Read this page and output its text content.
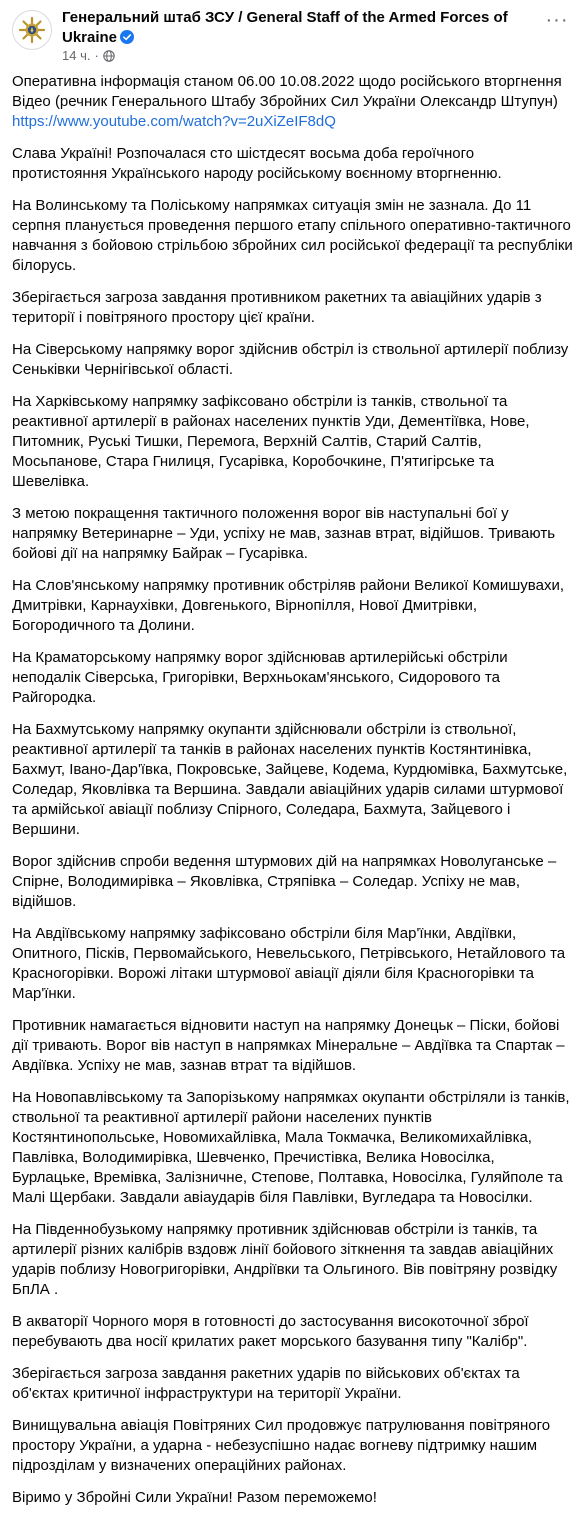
Генеральний штаб ЗСУ / General Staff of the Armed Forces of Ukraine
14 ч. ·
···

Оперативна інформація станом 06.00 10.08.2022 щодо російського вторгнення
Відео (речник Генерального Штабу Збройних Сил України Олександр Штупун)
https://www.youtube.com/watch?v=2uXiZeIF8dQ

Слава Україні! Розпочалася сто шістдесят восьма доба героїчного протистояння Українського народу російському воєнному вторгненню.

На Волинському та Поліському напрямках ситуація змін не зазнала. До 11 серпня планується проведення першого етапу спільного оперативно-тактичного навчання з бойовою стрільбою збройних сил російської федерації та республіки білорусь.

Зберігається загроза завдання противником ракетних та авіаційних ударів з території і повітряного простору цієї країни.

На Сіверському напрямку ворог здійснив обстріл із ствольної артилерії поблизу Сеньківки Чернігівської області.

На Харківському напрямку зафіксовано обстріли із танків, ствольної та реактивної артилерії в районах населених пунктів Уди, Дементіївка, Нове, Питомник, Руські Тишки, Перемога, Верхній Салтів, Старий Салтів, Мосьпанове, Стара Гнилиця, Гусарівка, Коробочкине, П'ятигірське та Шевелівка.

З метою покращення тактичного положення ворог вів наступальні бої у напрямку Ветеринарне – Уди, успіху не мав, зазнав втрат, відійшов. Тривають бойові дії на напрямку Байрак – Гусарівка.

На Слов'янському напрямку противник обстріляв райони Великої Комишувахи, Дмитрівки, Карнаухівки, Довгенького, Вірнопілля, Нової Дмитрівки, Богородичного та Долини.

На Краматорському напрямку ворог здійснював артилерійські обстріли неподалік Сіверська, Григорівки, Верхньокам'янського, Сидорового та Райгородка.

На Бахмутському напрямку окупанти здійснювали обстріли із ствольної, реактивної артилерії та танків в районах населених пунктів Костянтинівка, Бахмут, Івано-Дар'ївка, Покровське, Зайцеве, Кодема, Курдюмівка, Бахмутське, Соледар, Яковлівка та Вершина. Завдали авіаційних ударів силами штурмової та армійської авіації поблизу Спірного, Соледара, Бахмута, Зайцевого і Вершини.

Ворог здійснив спроби ведення штурмових дій на напрямках Новолуганське – Спірне, Володимирівка – Яковлівка, Стряпівка – Соледар. Успіху не мав, відійшов.

На Авдіївському напрямку зафіксовано обстріли біля Мар'їнки, Авдіївки, Опитного, Пісків, Первомайського, Невельського, Петрівського, Нетайлового та Красногорівки. Ворожі літаки штурмової авіації діяли біля Красногорівки та Мар'їнки.

Противник намагається відновити наступ на напрямку Донецьк – Піски, бойові дії тривають. Ворог вів наступ в напрямках Мінеральне – Авдіївка та Спартак – Авдіївка. Успіху не мав, зазнав втрат та відійшов.

На Новопавлівському та Запорізькому напрямках окупанти обстріляли із танків, ствольної та реактивної артилерії райони населених пунктів Костянтинопольське, Новомихайлівка, Мала Токмачка, Великомихайлівка, Павлівка, Володимирівка, Шевченко, Пречистівка, Велика Новосілка, Бурлацьке, Времівка, Залізничне, Степове, Полтавка, Новосілка, Гуляйполе та Малі Щербаки. Завдали авіаударів біля Павлівки, Вугледара та Новосілки.

На Південнобузькому напрямку противник здійснював обстріли із танків, та артилерії різних калібрів вздовж лінії бойового зіткнення та завдав авіаційних ударів поблизу Новогригорівки, Андріївки та Ольгиного. Вів повітряну розвідку БпЛА .

В акваторії Чорного моря в готовності до застосування високоточної зброї перебувають два носії крилатих ракет морського базування типу "Калібр".

Зберігається загроза завдання ракетних ударів по військових об'єктах та об'єктах критичної інфраструктури на території України.

Винищувальна авіація Повітряних Сил продовжує патрулювання повітряного простору України, а ударна - небезуспішно надає вогневу підтримку нашим підрозділам у визначених операційних районах.

Віримо у Збройні Сили України! Разом переможемо!
